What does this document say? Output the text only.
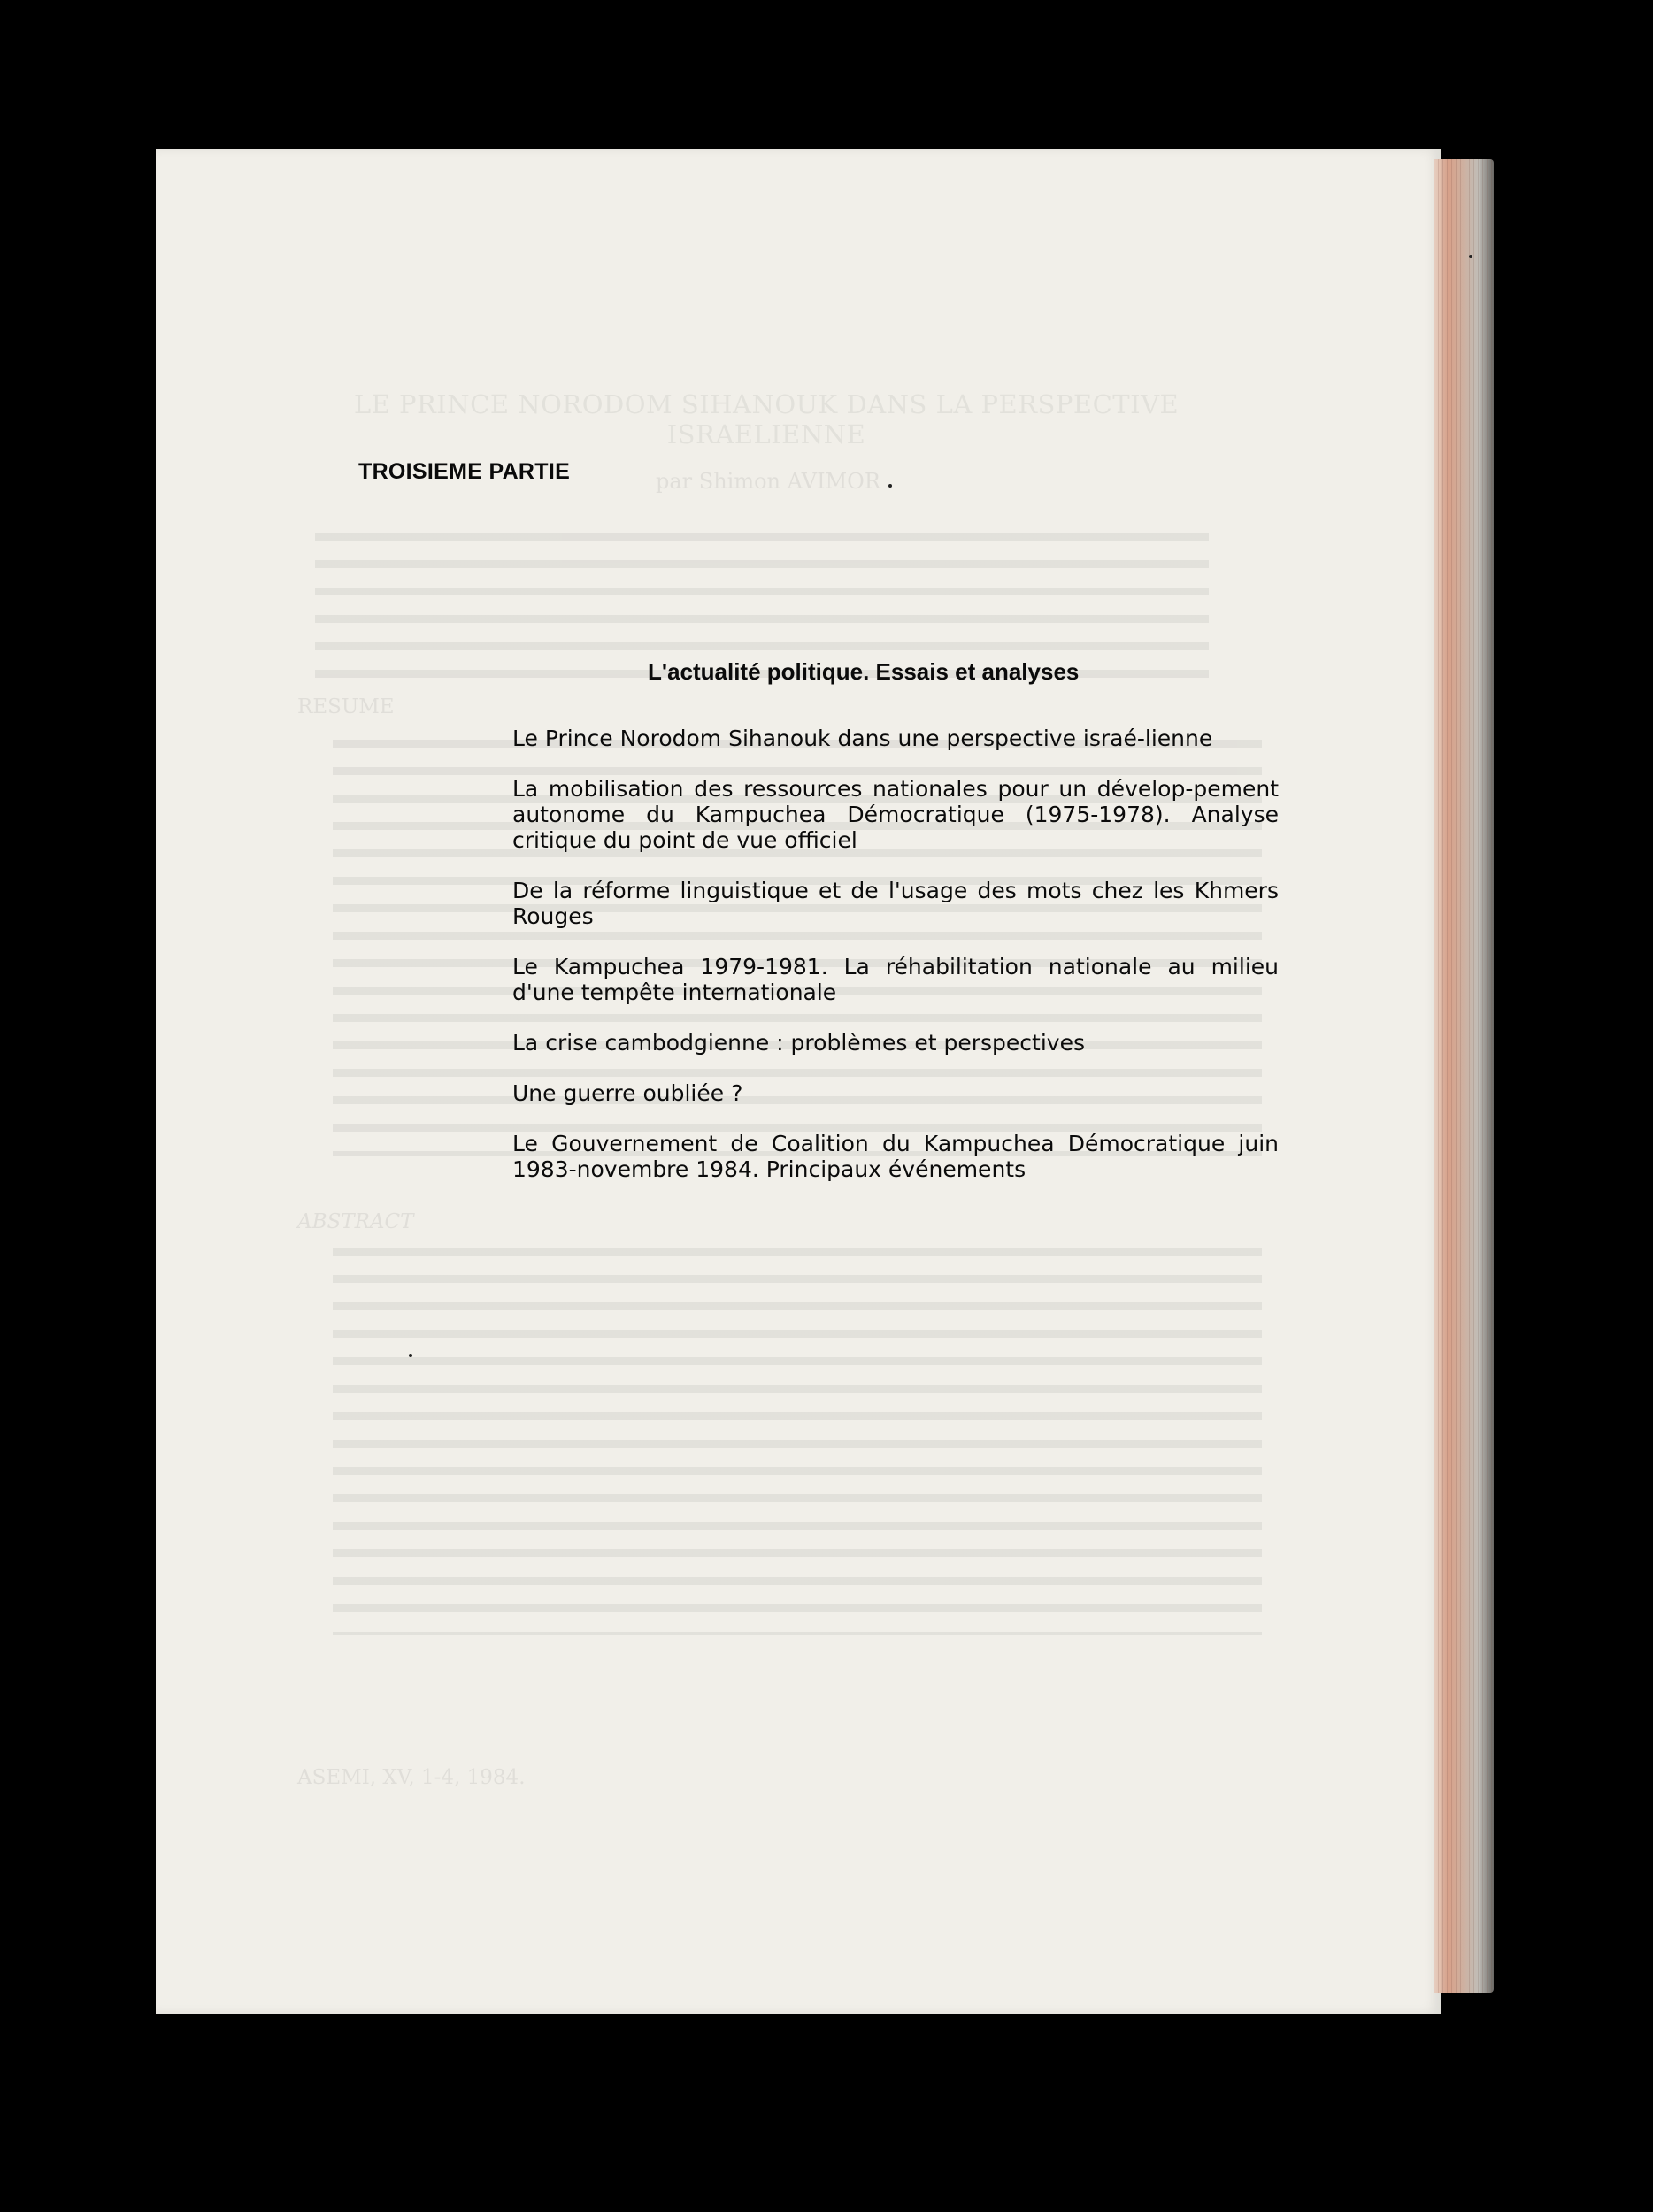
LE PRINCE NORODOM SIHANOUK DANS LA PERSPECTIVE ISRAELIENNE
par Shimon AVIMOR
RESUME
ABSTRACT
ASEMI, XV, 1-4, 1984.
TROISIEME PARTIE
L'actualité politique. Essais et analyses

Le Prince Norodom Sihanouk dans une perspective israé-lienne

La mobilisation des ressources nationales pour un dévelop-pement autonome du Kampuchea Démocratique (1975-1978). Analyse critique du point de vue officiel

De la réforme linguistique et de l'usage des mots chez les Khmers Rouges

Le Kampuchea 1979-1981. La réhabilitation nationale au milieu d'une tempête internationale

La crise cambodgienne : problèmes et perspectives

Une guerre oubliée ?

Le Gouvernement de Coalition du Kampuchea Démocratique juin 1983-novembre 1984. Principaux événements
